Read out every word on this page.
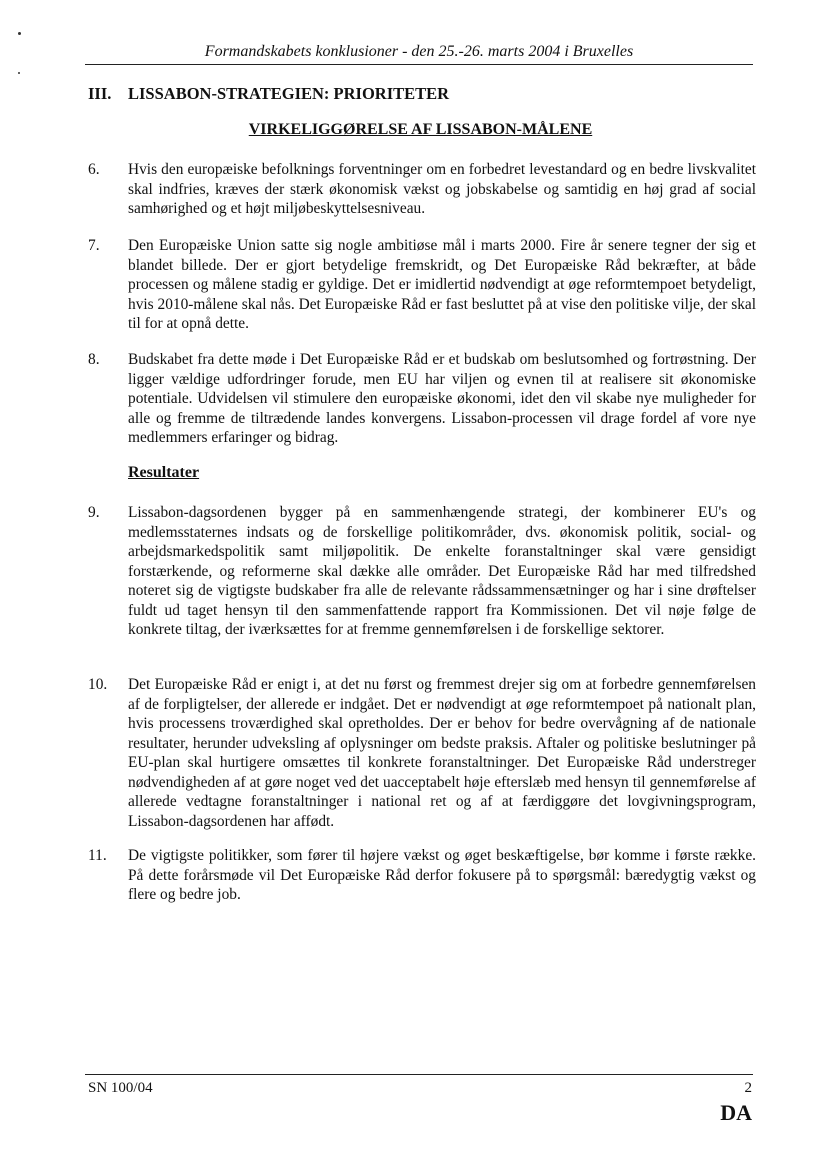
Formandskabets konklusioner - den 25.-26. marts 2004 i Bruxelles
III. LISSABON-STRATEGIEN: PRIORITETER
VIRKELIGGØRELSE AF LISSABON-MÅLENE
6. Hvis den europæiske befolknings forventninger om en forbedret levestandard og en bedre livskvalitet skal indfries, kræves der stærk økonomisk vækst og jobskabelse og samtidig en høj grad af social samhørighed og et højt miljøbeskyttelsesniveau.
7. Den Europæiske Union satte sig nogle ambitiøse mål i marts 2000. Fire år senere tegner der sig et blandet billede. Der er gjort betydelige fremskridt, og Det Europæiske Råd bekræfter, at både processen og målene stadig er gyldige. Det er imidlertid nødvendigt at øge reformtempoet betydeligt, hvis 2010-målene skal nås. Det Europæiske Råd er fast besluttet på at vise den politiske vilje, der skal til for at opnå dette.
8. Budskabet fra dette møde i Det Europæiske Råd er et budskab om beslutsomhed og fortrøstning. Der ligger vældige udfordringer forude, men EU har viljen og evnen til at realisere sit økonomiske potentiale. Udvidelsen vil stimulere den europæiske økonomi, idet den vil skabe nye muligheder for alle og fremme de tiltrædende landes konvergens. Lissabon-processen vil drage fordel af vore nye medlemmers erfaringer og bidrag.
Resultater
9. Lissabon-dagsordenen bygger på en sammenhængende strategi, der kombinerer EU's og medlemsstaternes indsats og de forskellige politikområder, dvs. økonomisk politik, social- og arbejdsmarkedspolitik samt miljøpolitik. De enkelte foranstaltninger skal være gensidigt forstærkende, og reformerne skal dække alle områder. Det Europæiske Råd har med tilfredshed noteret sig de vigtigste budskaber fra alle de relevante rådssammensætninger og har i sine drøftelser fuldt ud taget hensyn til den sammenfattende rapport fra Kommissionen. Det vil nøje følge de konkrete tiltag, der iværksættes for at fremme gennemførelsen i de forskellige sektorer.
10. Det Europæiske Råd er enigt i, at det nu først og fremmest drejer sig om at forbedre gennemførelsen af de forpligtelser, der allerede er indgået. Det er nødvendigt at øge reformtempoet på nationalt plan, hvis processens troværdighed skal opretholdes. Der er behov for bedre overvågning af de nationale resultater, herunder udveksling af oplysninger om bedste praksis. Aftaler og politiske beslutninger på EU-plan skal hurtigere omsættes til konkrete foranstaltninger. Det Europæiske Råd understreger nødvendigheden af at gøre noget ved det uacceptabelt høje efterslæb med hensyn til gennemførelse af allerede vedtagne foranstaltninger i national ret og af at færdiggøre det lovgivningsprogram, Lissabon-dagsordenen har affødt.
11. De vigtigste politikker, som fører til højere vækst og øget beskæftigelse, bør komme i første række. På dette forårsmøde vil Det Europæiske Råd derfor fokusere på to spørgsmål: bæredygtig vækst og flere og bedre job.
SN 100/04	2
DA
